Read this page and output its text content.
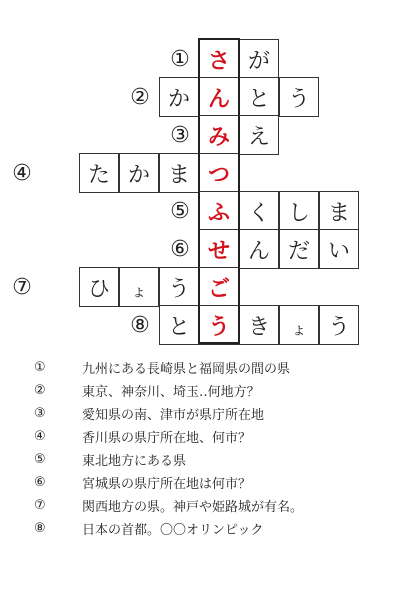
① さ が
② か ん と う
③ み え
④	た か ま つ
⑤ ふ く し ま
⑥ せ ん だ い
⑦	ひ	ょ う ご
⑧ と う き	ょ う
①	九州にある長崎県と福岡県の間の県
②	東京、神奈川、埼玉‥何地方？
③	愛知県の南、津市が県庁所在地
④	香川県の県庁所在地、何市？
⑤	東北地方にある県
⑥	宮城県の県庁所在地は何市？
⑦	関西地方の県。神戸や姫路城が有名。
⑧	日本の首都。〇〇オリンピック
